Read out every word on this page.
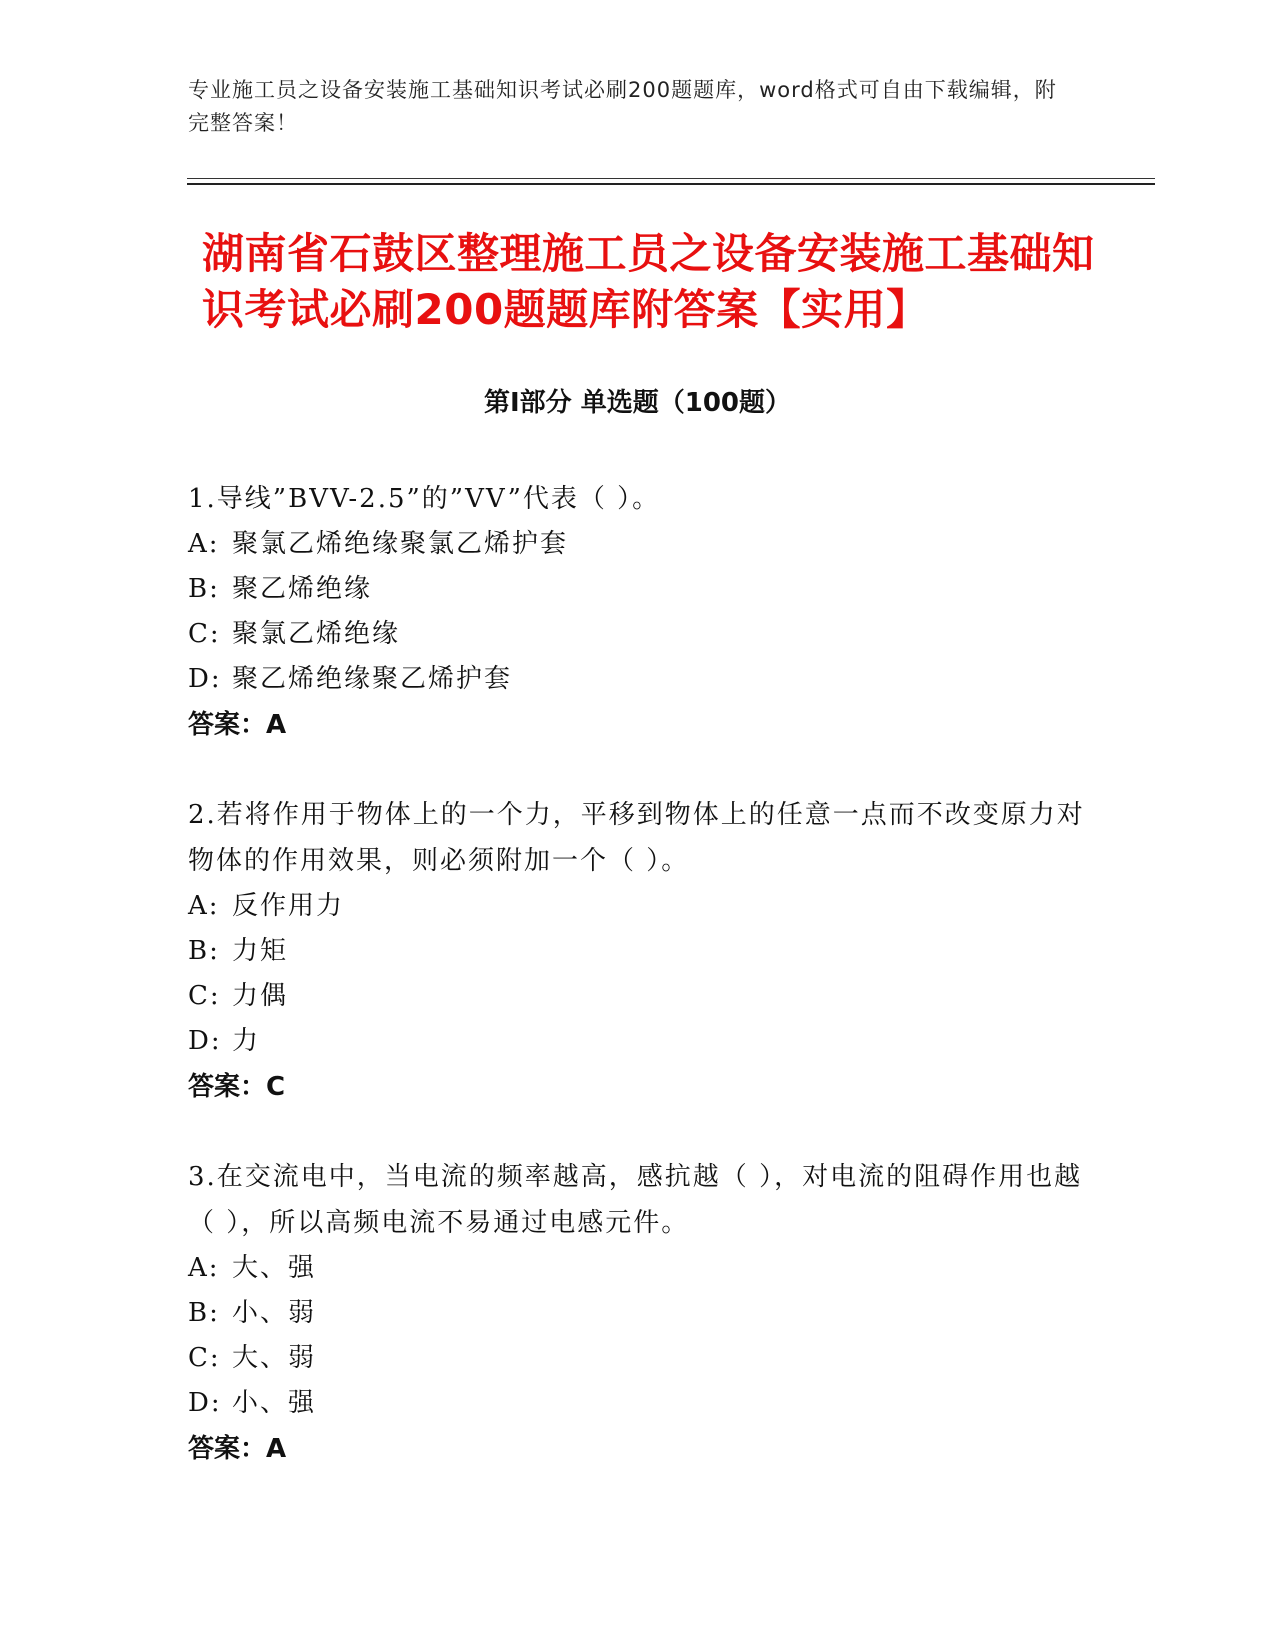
专业施工员之设备安装施工基础知识考试必刷200题题库，word格式可自由下载编辑，附完整答案！
湖南省石鼓区整理施工员之设备安装施工基础知识考试必刷200题题库附答案【实用】
第Ⅰ部分 单选题（100题）
1.导线”BVV-2.5”的”VV”代表（ ）。
A: 聚氯乙烯绝缘聚氯乙烯护套
B: 聚乙烯绝缘
C: 聚氯乙烯绝缘
D: 聚乙烯绝缘聚乙烯护套
答案：A
2.若将作用于物体上的一个力，平移到物体上的任意一点而不改变原力对物体的作用效果，则必须附加一个（ ）。
A: 反作用力
B: 力矩
C: 力偶
D: 力
答案：C
3.在交流电中，当电流的频率越高，感抗越（ ），对电流的阻碍作用也越（ ），所以高频电流不易通过电感元件。
A: 大、强
B: 小、弱
C: 大、弱
D: 小、强
答案：A
